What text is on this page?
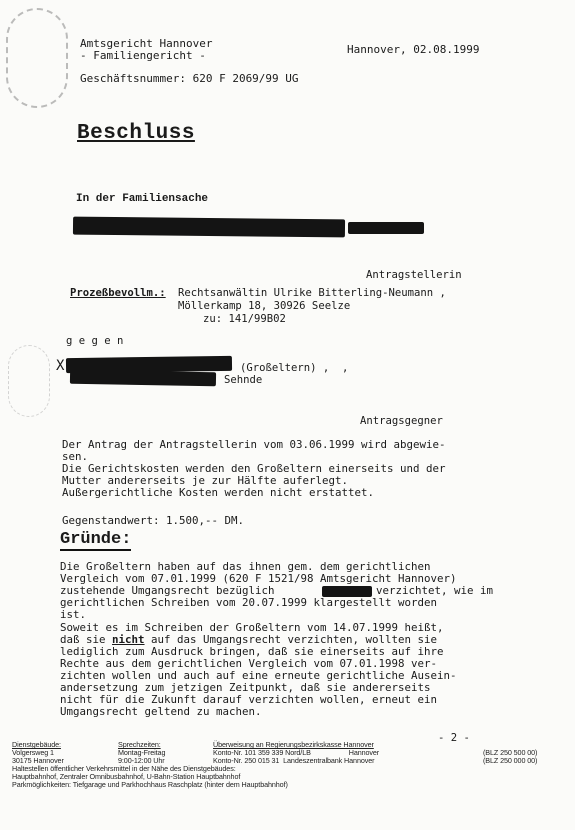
Amtsgericht Hannover
- Familiengericht -	Hannover, 02.08.1999
Geschäftsnummer: 620 F 2069/99 UG
Beschluss
In der Familiensache
Antragstellerin
Prozeßbevollm.: Rechtsanwältin Ulrike Bitterling-Neumann ,
Möllerkamp 18, 30926 Seelze
zu: 141/99B02
g e g e n
X	(Großeltern) ,  ,
Sehnde
Antragsgegner
Der Antrag der Antragstellerin vom 03.06.1999 wird abgewie-
sen.
Die Gerichtskosten werden den Großeltern einerseits und der
Mutter andererseits je zur Hälfte auferlegt.
Außergerichtliche Kosten werden nicht erstattet.
Gegenstandwert: 1.500,-- DM.
Gründe:
Die Großeltern haben auf das ihnen gem. dem gerichtlichen
Vergleich vom 07.01.1999 (620 F 1521/98 Amtsgericht Hannover)
zustehende Umgangsrecht bezüglich	verzichtet, wie im
gerichtlichen Schreiben vom 20.07.1999 klargestellt worden
ist.
Soweit es im Schreiben der Großeltern vom 14.07.1999 heißt,
daß sie nicht auf das Umgangsrecht verzichten, wollten sie
lediglich zum Ausdruck bringen, daß sie einerseits auf ihre
Rechte aus dem gerichtlichen Vergleich vom 07.01.1998 ver-
zichten wollen und auch auf eine erneute gerichtliche Ausein-
andersetzung zum jetzigen Zeitpunkt, daß sie andererseits
nicht für die Zukunft darauf verzichten wollen, erneut ein
Umgangsrecht geltend zu machen.
- 2 -
Dienstgebäude:
Volgersweg 1
30175 Hannover
Sprechzeiten:
Montag-Freitag
9:00-12:00 Uhr
Überweisung an Regierungsbezirkskasse Hannover
Konto-Nr. 101 359 339 Nord/LB                    Hannover	(BLZ 250 500 00)
Konto-Nr. 250 015 31  Landeszentralbank Hannover	(BLZ 250 000 00)
Haltestellen öffentlicher Verkehrsmittel in der Nähe des Dienstgebäudes:
Hauptbahnhof, Zentraler Omnibusbahnhof, U-Bahn-Station Hauptbahnhof
Parkmöglichkeiten: Tiefgarage und Parkhochhaus Raschplatz (hinter dem Hauptbahnhof)
